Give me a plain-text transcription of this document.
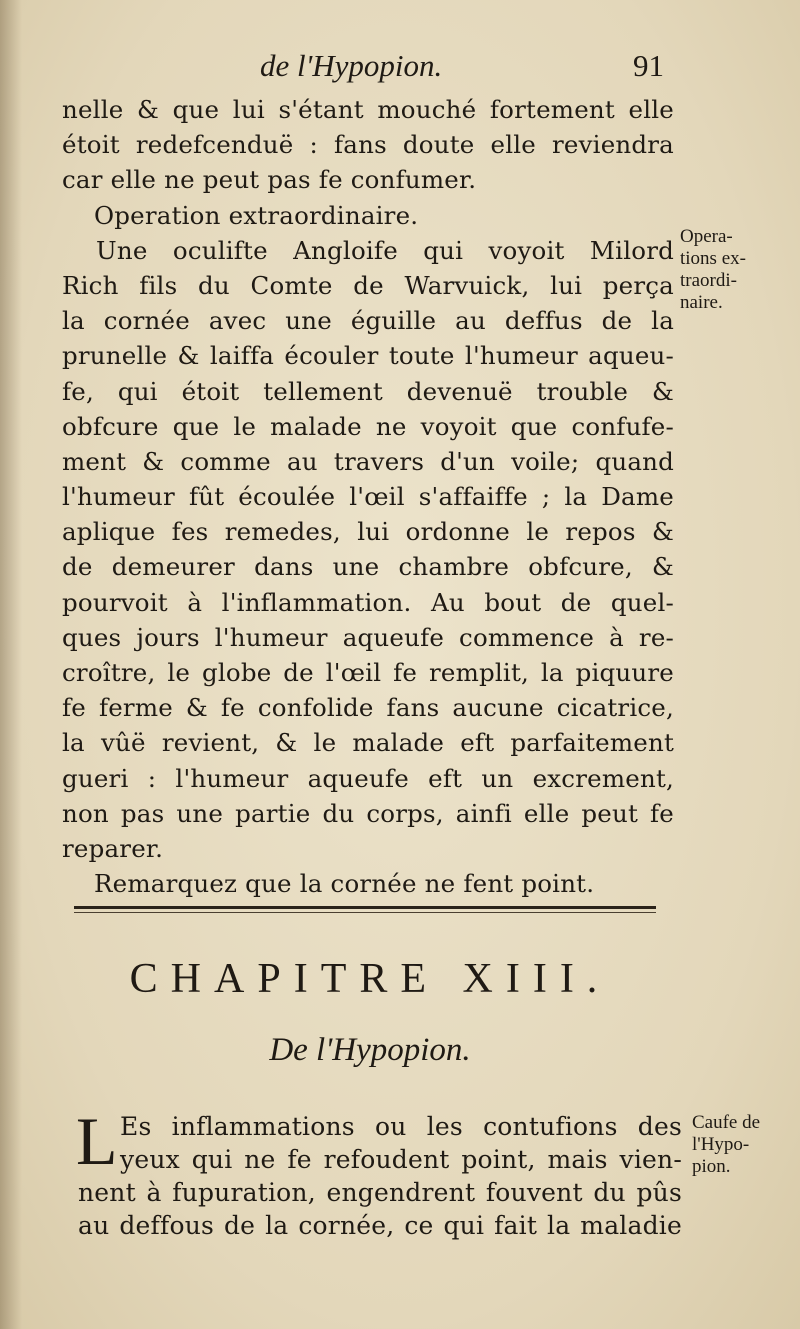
de l'Hypopion.	91
nelle & que lui s'étant mouché fortement elle
étoit redefcenduë : fans doute elle reviendra
car elle ne peut pas fe confumer.
Operation extraordinaire.
Une oculifte Angloife qui voyoit Milord
Rich fils du Comte de Warvuick, lui perça
la cornée avec une éguille au deffus de la
prunelle & laiffa écouler toute l'humeur aqueu-
fe, qui étoit tellement devenuë trouble &
obfcure que le malade ne voyoit que confufe-
ment & comme au travers d'un voile; quand
l'humeur fût écoulée l'œil s'affaiffe ; la Dame
aplique fes remedes, lui ordonne le repos &
de demeurer dans une chambre obfcure, &
pourvoit à l'inflammation. Au bout de quel-
ques jours l'humeur aqueufe commence à re-
croître, le globe de l'œil fe remplit, la piquure
fe ferme & fe confolide fans aucune cicatrice,
la vûë revient, & le malade eft parfaitement
gueri : l'humeur aqueufe eft un excrement,
non pas une partie du corps, ainfi elle peut fe
reparer.
Remarquez que la cornée ne fent point.
Opera-
tions ex-
traordi-
naire.
CHAPITRE XIII.
De l'Hypopion.
L Es inflammations ou les contufions des
yeux qui ne fe refoudent point, mais vien-
nent à fupuration, engendrent fouvent du pûs
au deffous de la cornée, ce qui fait la maladie
Caufe de
l'Hypo-
pion.
